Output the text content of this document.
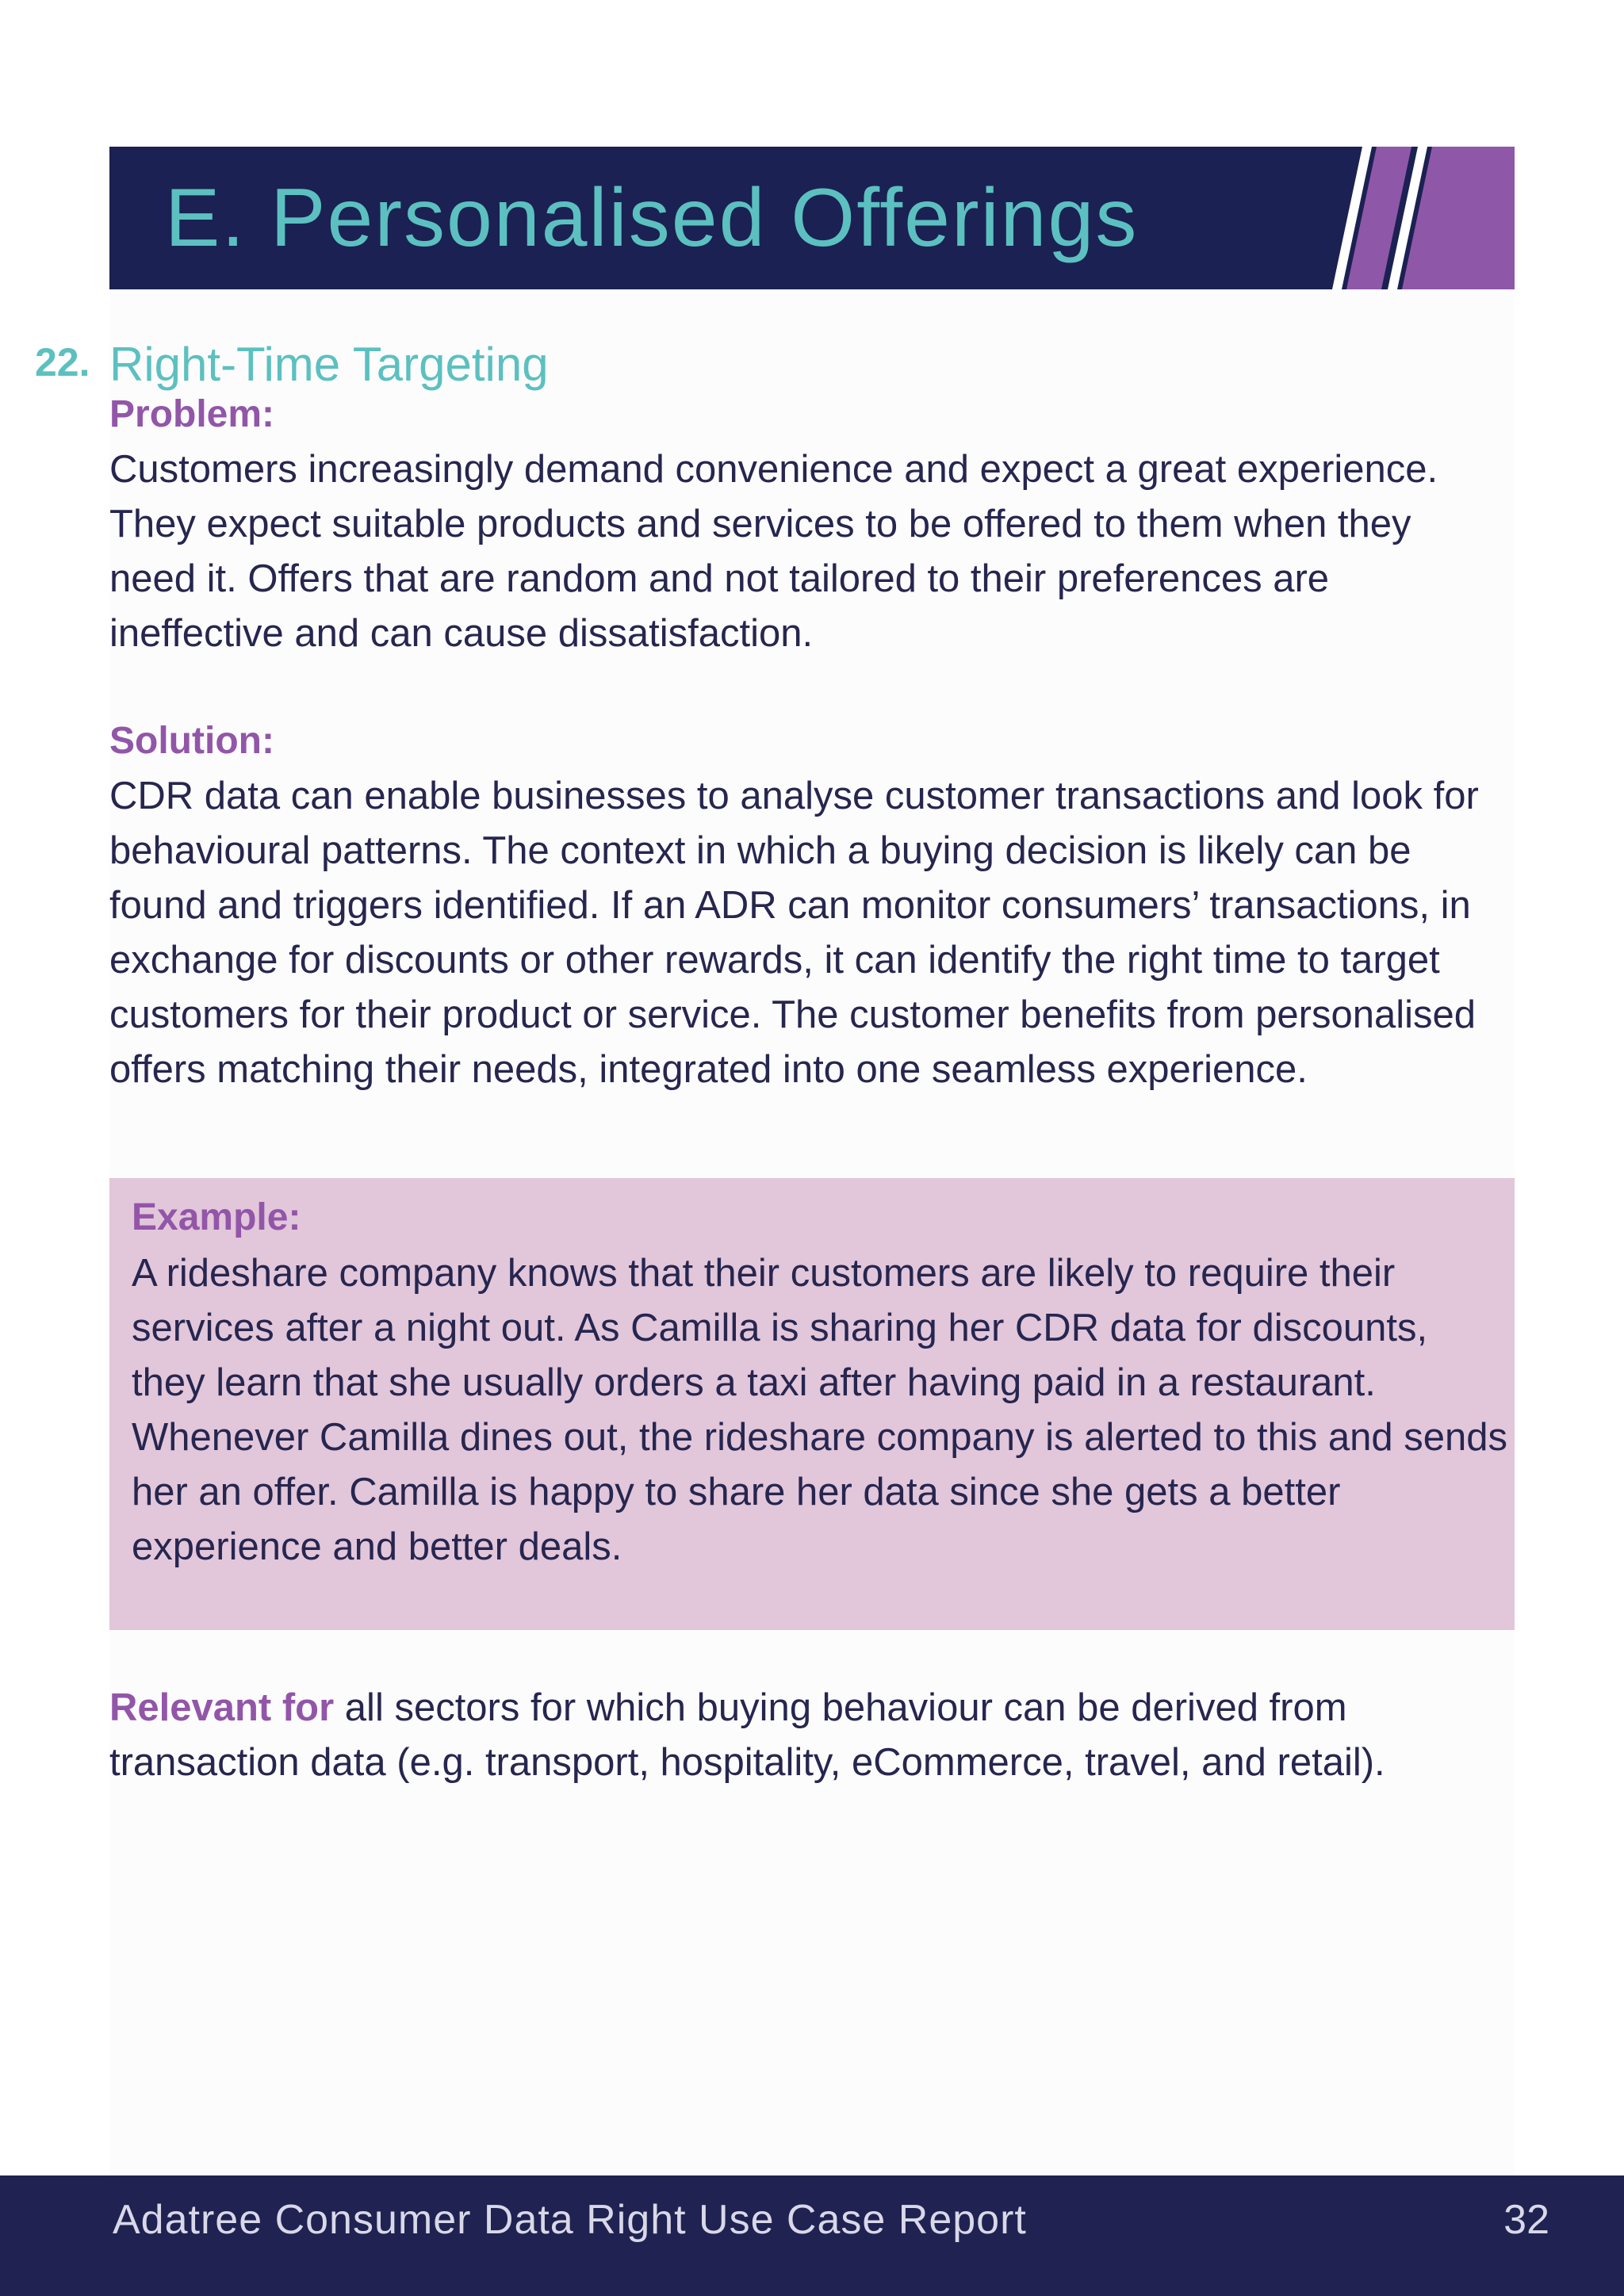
E. Personalised Offerings
22. Right-Time Targeting
Problem:
Customers increasingly demand convenience and expect a great experience. They expect suitable products and services to be offered to them when they need it. Offers that are random and not tailored to their preferences are ineffective and can cause dissatisfaction.
Solution:
CDR data can enable businesses to analyse customer transactions and look for behavioural patterns. The context in which a buying decision is likely can be found and triggers identified. If an ADR can monitor consumers’ transactions, in exchange for discounts or other rewards, it can identify the right time to target customers for their product or service. The customer benefits from personalised offers matching their needs, integrated into one seamless experience.
Example:
A rideshare company knows that their customers are likely to require their services after a night out. As Camilla is sharing her CDR data for discounts, they learn that she usually orders a taxi after having paid in a restaurant. Whenever Camilla dines out, the rideshare company is alerted to this and sends her an offer. Camilla is happy to share her data since she gets a better experience and better deals.
Relevant for all sectors for which buying behaviour can be derived from transaction data (e.g. transport, hospitality, eCommerce, travel, and retail).
Adatree Consumer Data Right Use Case Report	32
